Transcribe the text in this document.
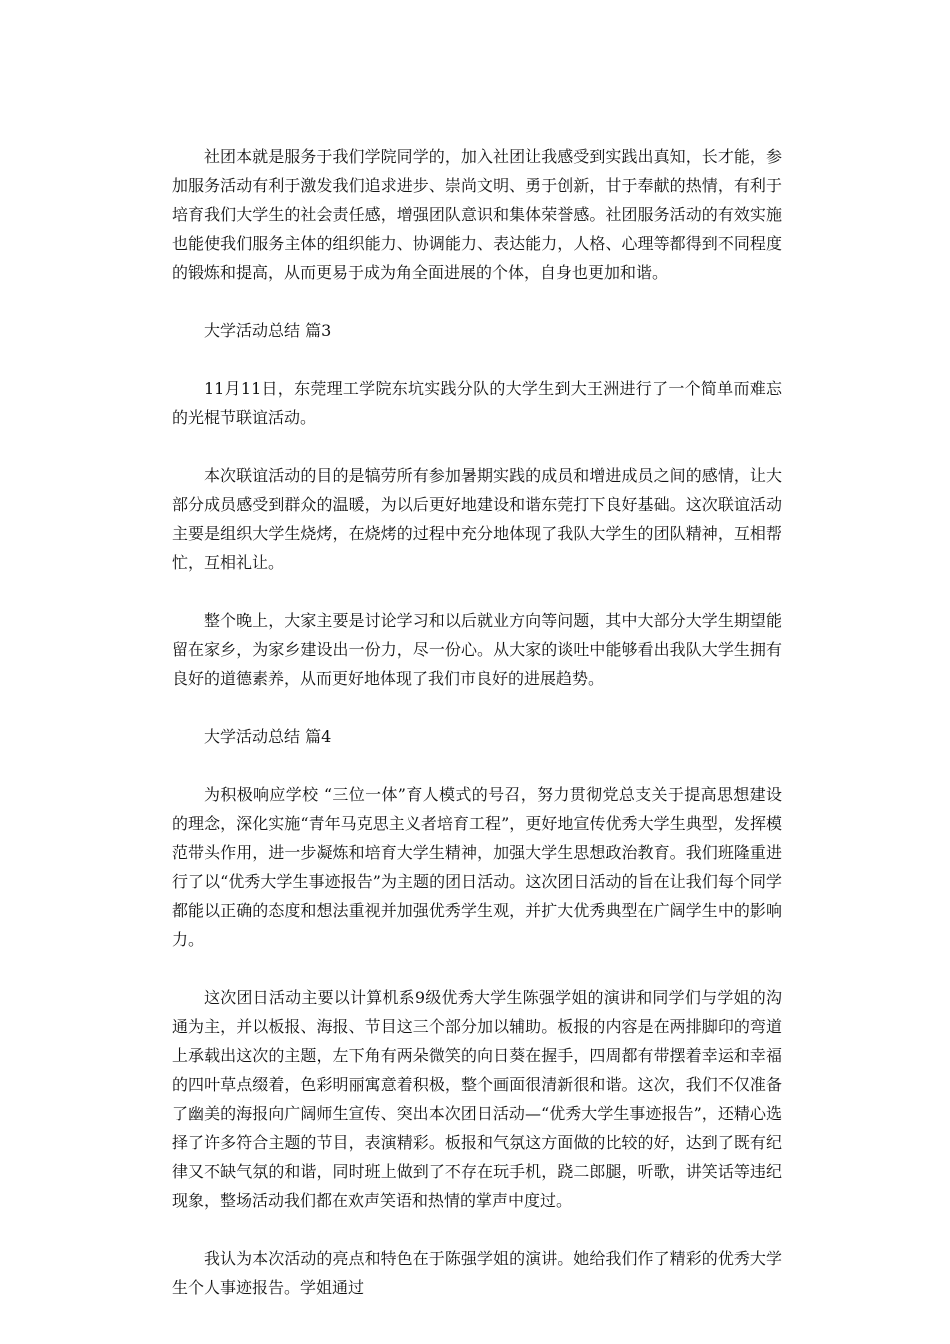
社团本就是服务于我们学院同学的，加入社团让我感受到实践出真知，长才能，参加服务活动有利于激发我们追求进步、崇尚文明、勇于创新，甘于奉献的热情，有利于培育我们大学生的社会责任感，增强团队意识和集体荣誉感。社团服务活动的有效实施也能使我们服务主体的组织能力、协调能力、表达能力，人格、心理等都得到不同程度的锻炼和提高，从而更易于成为角全面进展的个体，自身也更加和谐。

大学活动总结 篇3

11月11日，东莞理工学院东坑实践分队的大学生到大王洲进行了一个简单而难忘的光棍节联谊活动。

本次联谊活动的目的是犒劳所有参加暑期实践的成员和增进成员之间的感情，让大部分成员感受到群众的温暖，为以后更好地建设和谐东莞打下良好基础。这次联谊活动主要是组织大学生烧烤，在烧烤的过程中充分地体现了我队大学生的团队精神，互相帮忙，互相礼让。

整个晚上，大家主要是讨论学习和以后就业方向等问题，其中大部分大学生期望能留在家乡，为家乡建设出一份力，尽一份心。从大家的谈吐中能够看出我队大学生拥有良好的道德素养，从而更好地体现了我们市良好的进展趋势。

大学活动总结 篇4

为积极响应学校 “三位一体”育人模式的号召，努力贯彻党总支关于提高思想建设的理念，深化实施“青年马克思主义者培育工程”，更好地宣传优秀大学生典型，发挥模范带头作用，进一步凝炼和培育大学生精神，加强大学生思想政治教育。我们班隆重进行了以“优秀大学生事迹报告”为主题的团日活动。这次团日活动的旨在让我们每个同学都能以正确的态度和想法重视并加强优秀学生观，并扩大优秀典型在广阔学生中的影响力。

这次团日活动主要以计算机系9级优秀大学生陈强学姐的演讲和同学们与学姐的沟通为主，并以板报、海报、节目这三个部分加以辅助。板报的内容是在两排脚印的弯道上承载出这次的主题，左下角有两朵微笑的向日葵在握手，四周都有带摆着幸运和幸福的四叶草点缀着，色彩明丽寓意着积极，整个画面很清新很和谐。这次，我们不仅准备了幽美的海报向广阔师生宣传、突出本次团日活动—“优秀大学生事迹报告”，还精心选择了许多符合主题的节目，表演精彩。板报和气氛这方面做的比较的好，达到了既有纪律又不缺气氛的和谐，同时班上做到了不存在玩手机，跷二郎腿，听歌，讲笑话等违纪现象，整场活动我们都在欢声笑语和热情的掌声中度过。

我认为本次活动的亮点和特色在于陈强学姐的演讲。她给我们作了精彩的优秀大学生个人事迹报告。学姐通过
